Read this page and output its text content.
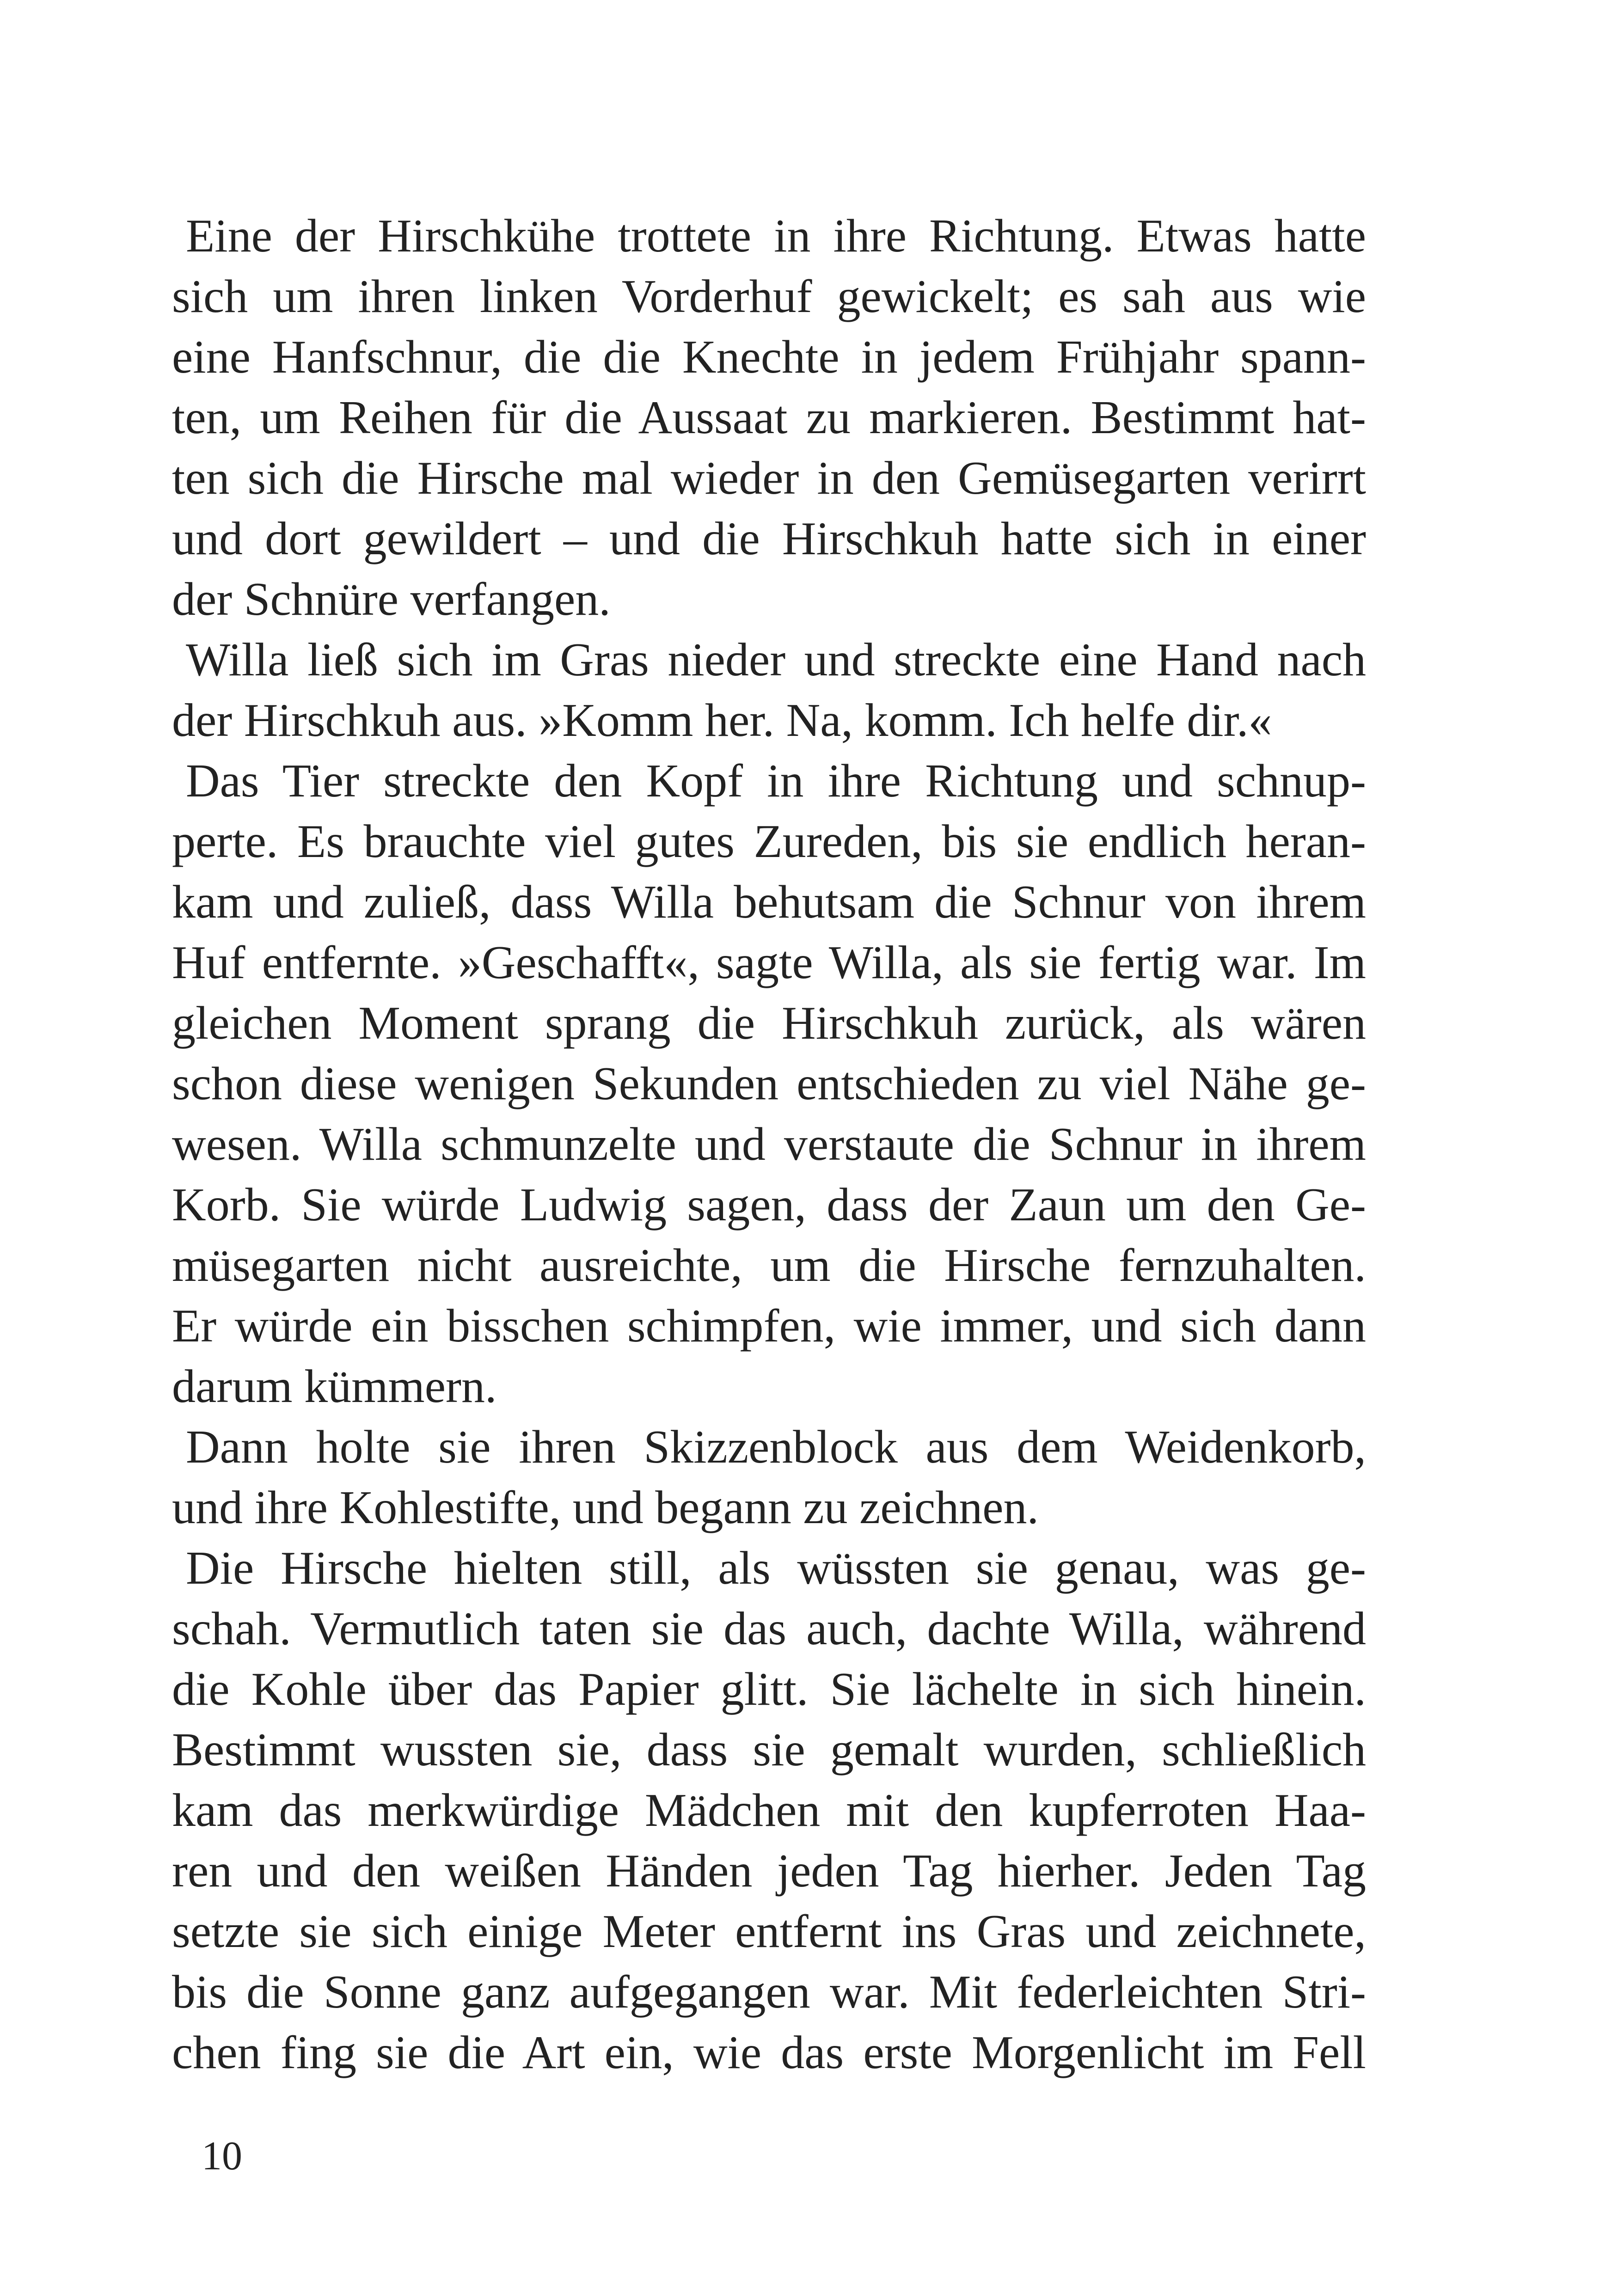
Eine der Hirschkühe trottete in ihre Richtung. Etwas hatte
sich um ihren linken Vorderhuf gewickelt; es sah aus wie
eine Hanfschnur, die die Knechte in jedem Frühjahr spann-
ten, um Reihen für die Aussaat zu markieren. Bestimmt hat-
ten sich die Hirsche mal wieder in den Gemüsegarten verirrt
und dort gewildert – und die Hirschkuh hatte sich in einer
der Schnüre verfangen.
Willa ließ sich im Gras nieder und streckte eine Hand nach
der Hirschkuh aus. »Komm her. Na, komm. Ich helfe dir.«
Das Tier streckte den Kopf in ihre Richtung und schnup-
perte. Es brauchte viel gutes Zureden, bis sie endlich heran-
kam und zuließ, dass Willa behutsam die Schnur von ihrem
Huf entfernte. »Geschafft«, sagte Willa, als sie fertig war. Im
gleichen Moment sprang die Hirschkuh zurück, als wären
schon diese wenigen Sekunden entschieden zu viel Nähe ge-
wesen. Willa schmunzelte und verstaute die Schnur in ihrem
Korb. Sie würde Ludwig sagen, dass der Zaun um den Ge-
müsegarten nicht ausreichte, um die Hirsche fernzuhalten.
Er würde ein bisschen schimpfen, wie immer, und sich dann
darum kümmern.
Dann holte sie ihren Skizzenblock aus dem Weidenkorb,
und ihre Kohlestifte, und begann zu zeichnen.
Die Hirsche hielten still, als wüssten sie genau, was ge-
schah. Vermutlich taten sie das auch, dachte Willa, während
die Kohle über das Papier glitt. Sie lächelte in sich hinein.
Bestimmt wussten sie, dass sie gemalt wurden, schließlich
kam das merkwürdige Mädchen mit den kupferroten Haa-
ren und den weißen Händen jeden Tag hierher. Jeden Tag
setzte sie sich einige Meter entfernt ins Gras und zeichnete,
bis die Sonne ganz aufgegangen war. Mit federleichten Stri-
chen fing sie die Art ein, wie das erste Morgenlicht im Fell
10
